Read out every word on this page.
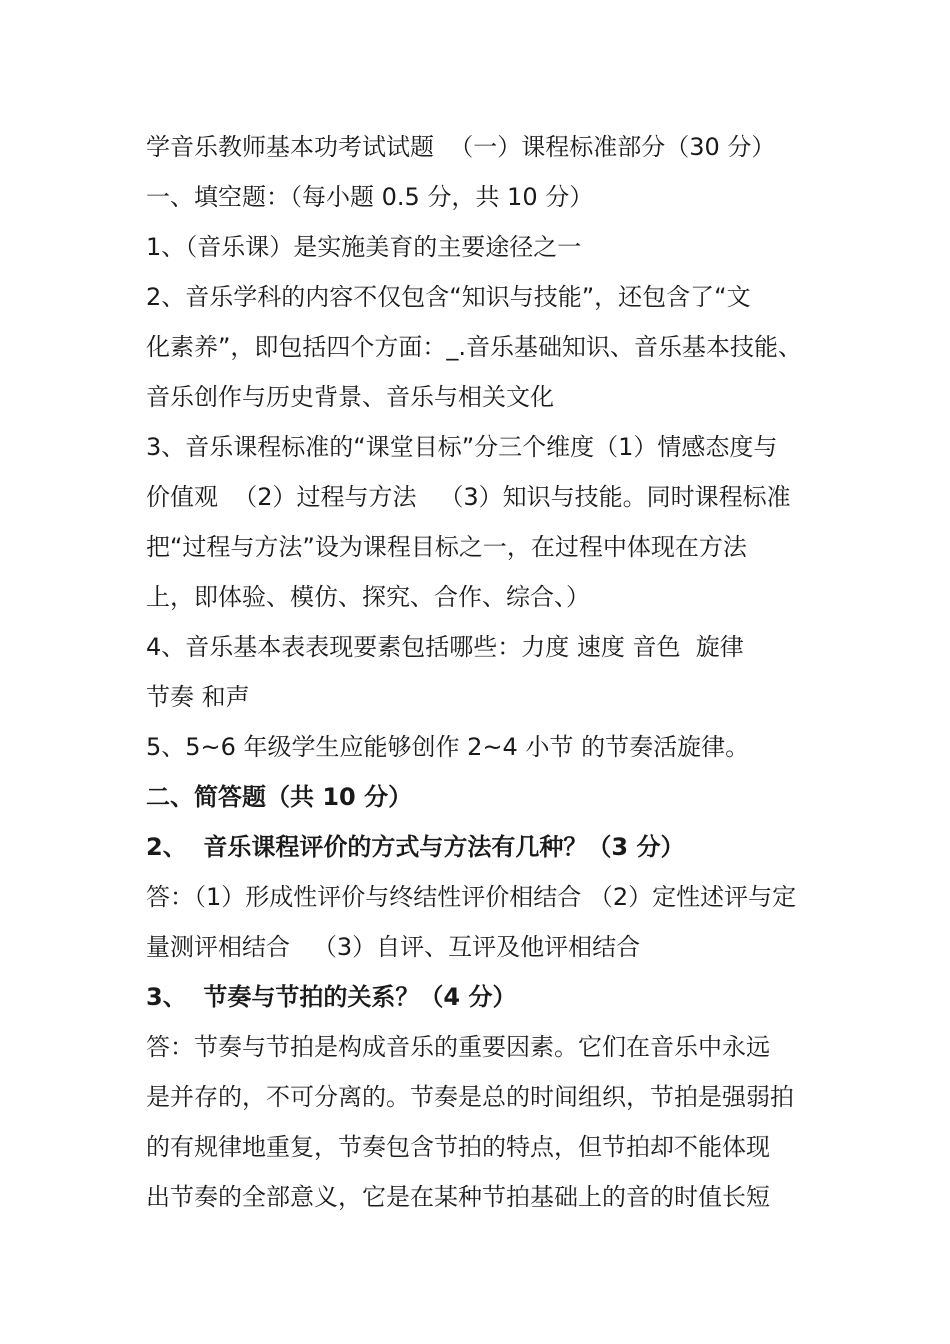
学音乐教师基本功考试试题  （一）课程标准部分（30 分）
一、填空题：（每小题 0.5 分，共 10 分）
1、（音乐课）是实施美育的主要途径之一
2、音乐学科的内容不仅包含“知识与技能”，还包含了“文
化素养”，即包括四个方面：_.音乐基础知识、音乐基本技能、
音乐创作与历史背景、音乐与相关文化
3、音乐课程标准的“课堂目标”分三个维度（1）情感态度与
价值观  （2）过程与方法   （3）知识与技能。同时课程标准
把“过程与方法”设为课程目标之一，在过程中体现在方法
上，即体验、模仿、探究、合作、综合、）
4、音乐基本表表现要素包括哪些：力度 速度 音色  旋律
节奏 和声
5、5~6 年级学生应能够创作 2~4 小节 的节奏活旋律。
二、简答题（共 10 分）
2、  音乐课程评价的方式与方法有几种？（3 分）
答：（1）形成性评价与终结性评价相结合 （2）定性述评与定
量测评相结合   （3）自评、互评及他评相结合
3、  节奏与节拍的关系？（4 分）
答：节奏与节拍是构成音乐的重要因素。它们在音乐中永远
是并存的，不可分离的。节奏是总的时间组织，节拍是强弱拍
的有规律地重复，节奏包含节拍的特点，但节拍却不能体现
出节奏的全部意义，它是在某种节拍基础上的音的时值长短
